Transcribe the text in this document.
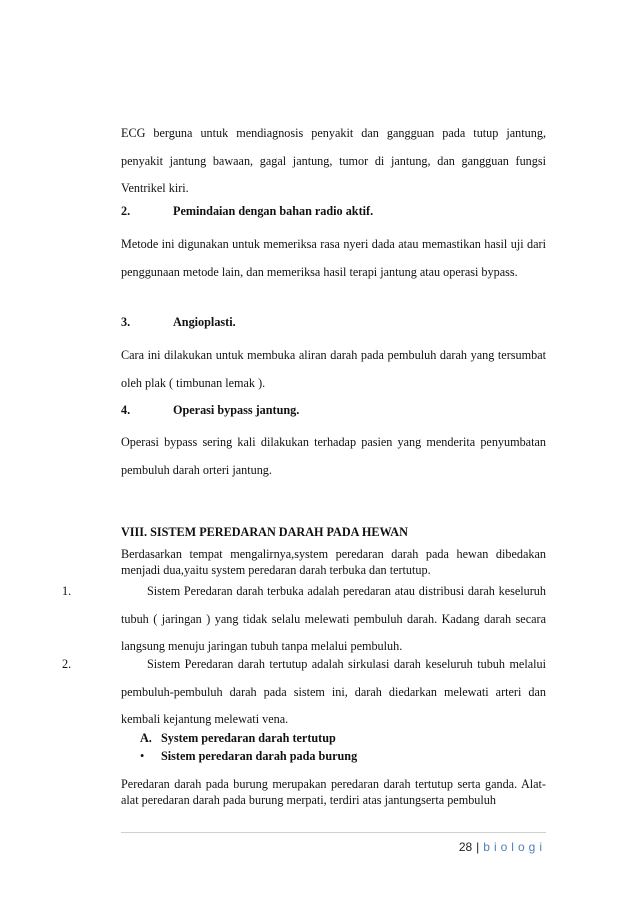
ECG berguna untuk mendiagnosis penyakit dan gangguan pada tutup jantung, penyakit jantung bawaan, gagal jantung, tumor di jantung, dan gangguan fungsi Ventrikel kiri.
2.	Pemindaian dengan bahan radio aktif.
Metode ini digunakan untuk memeriksa rasa nyeri dada atau memastikan hasil uji dari penggunaan metode lain, dan memeriksa hasil terapi jantung atau operasi bypass.
3.	Angioplasti.
Cara ini dilakukan untuk membuka aliran darah pada pembuluh darah yang tersumbat oleh plak ( timbunan lemak ).
4.	Operasi bypass jantung.
Operasi bypass sering kali dilakukan terhadap pasien yang menderita penyumbatan pembuluh darah orteri jantung.
VIII. SISTEM PEREDARAN DARAH PADA HEWAN
Berdasarkan tempat mengalirnya,system peredaran darah pada hewan dibedakan menjadi dua,yaitu system peredaran darah terbuka dan tertutup.
1.	Sistem Peredaran darah terbuka adalah peredaran atau distribusi darah keseluruh tubuh ( jaringan ) yang tidak selalu melewati pembuluh darah. Kadang darah secara langsung menuju jaringan tubuh tanpa melalui pembuluh.
2.	Sistem Peredaran darah tertutup adalah sirkulasi darah keseluruh tubuh melalui pembuluh-pembuluh darah pada sistem ini, darah diedarkan melewati arteri dan kembali kejantung melewati vena.
A. System peredaran darah tertutup
• Sistem peredaran darah pada burung
Peredaran darah pada burung merupakan peredaran darah tertutup serta ganda. Alat-alat peredaran darah pada burung merpati, terdiri atas jantungserta pembuluh
28 | biologi
